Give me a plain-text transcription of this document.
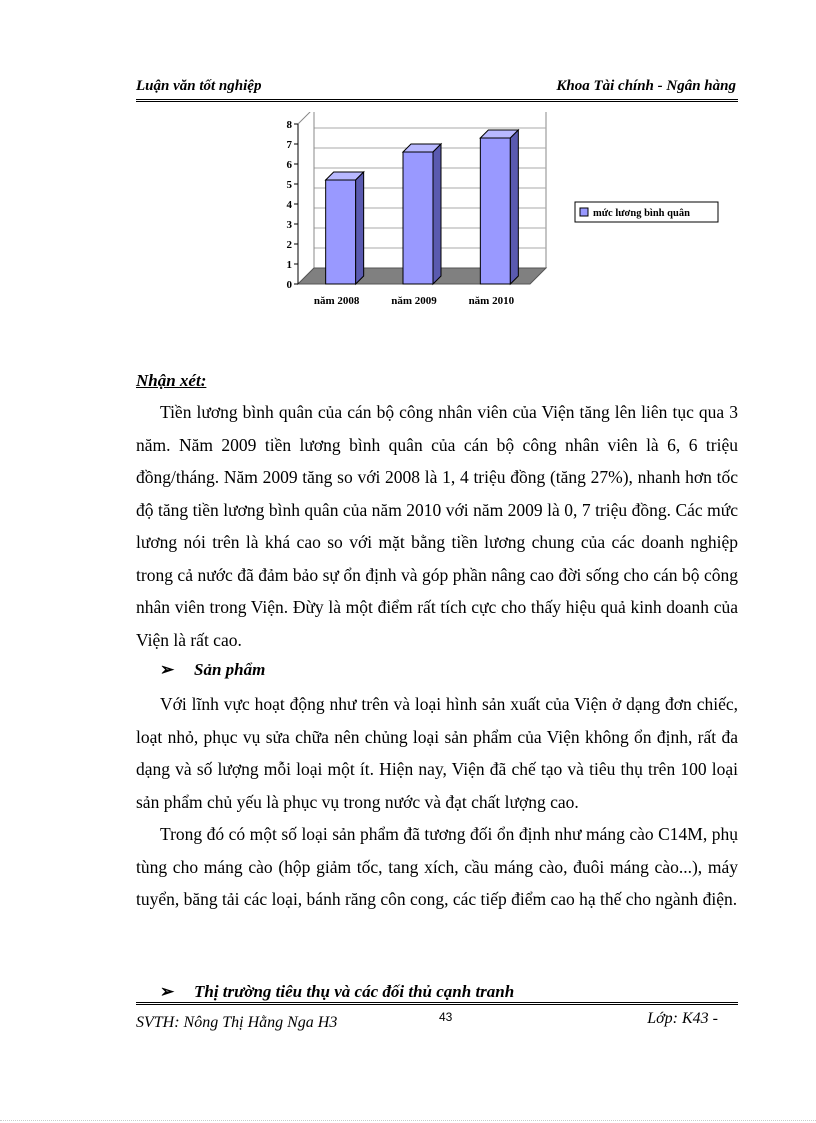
Luận văn tốt nghiệp	Khoa Tài chính - Ngân hàng
0
1
2
3
4
5
6
7
8
năm 2008	năm 2009	năm 2010
mức lương bình quân
Nhận xét:

Tiền lương bình quân của cán bộ công nhân viên của Viện tăng lên liên tục qua 3 năm. Năm 2009 tiền lương bình quân của cán bộ công nhân viên là 6, 6 triệu đồng/tháng. Năm 2009 tăng so với 2008 là 1, 4 triệu đồng (tăng 27%), nhanh hơn tốc độ tăng tiền lương bình quân của năm 2010 với năm 2009 là 0, 7 triệu đồng. Các mức lương nói trên là khá cao so với mặt bằng tiền lương chung của các doanh nghiệp trong cả nước đã đảm bảo sự ổn định và góp phần nâng cao đời sống cho cán bộ công nhân viên trong Viện. Đừy là một điểm rất tích cực cho thấy hiệu quả kinh doanh của Viện là rất cao.

➢ Sản phẩm

Với lĩnh vực hoạt động như trên và loại hình sản xuất của Viện ở dạng đơn chiếc, loạt nhỏ, phục vụ sửa chữa nên chủng loại sản phẩm của Viện không ổn định, rất đa dạng và số lượng mỗi loại một ít. Hiện nay, Viện đã chế tạo và tiêu thụ trên 100 loại sản phẩm chủ yếu là phục vụ trong nước và đạt chất lượng cao.

Trong đó có một số loại sản phẩm đã tương đối ổn định như máng cào C14M, phụ tùng cho máng cào (hộp giảm tốc, tang xích, cầu máng cào, đuôi máng cào...), máy tuyển, băng tải các loại, bánh răng côn cong, các tiếp điểm cao hạ thế cho ngành điện.

➢ Thị trường tiêu thụ và các đối thủ cạnh tranh
SVTH: Nông Thị Hằng Nga H3	43	Lớp: K43 -
